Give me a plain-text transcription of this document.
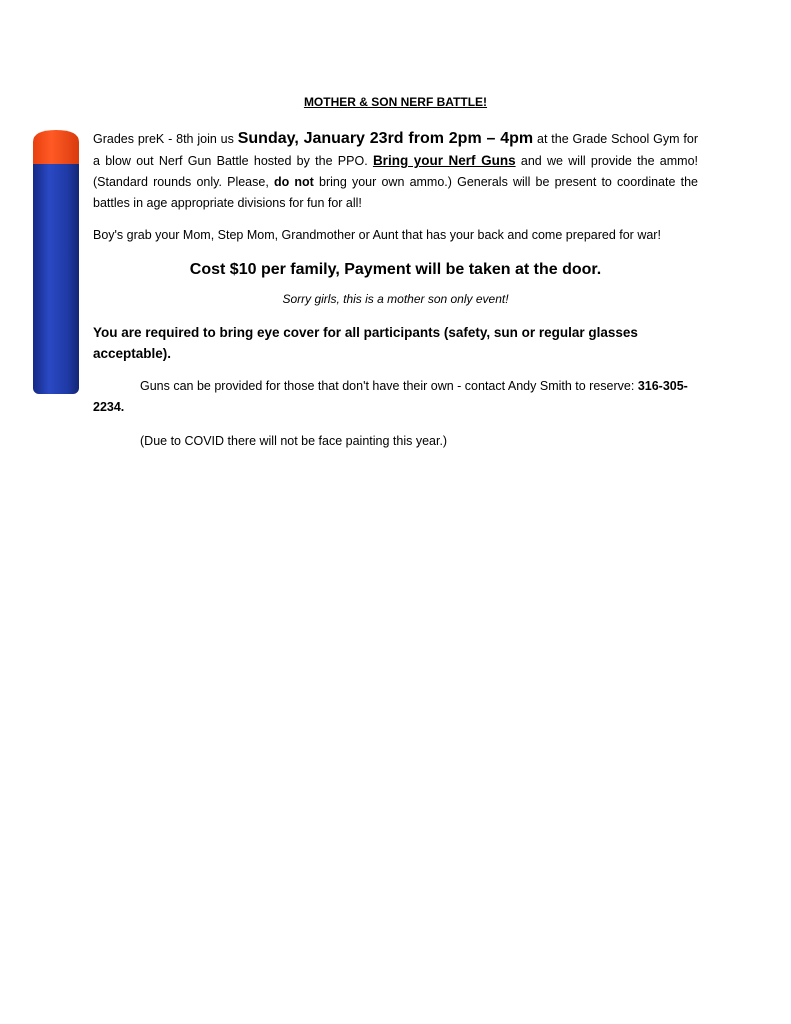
MOTHER & SON NERF BATTLE!

Grades preK - 8th join us Sunday, January 23rd from 2pm – 4pm at the Grade School Gym for a blow out Nerf Gun Battle hosted by the PPO. Bring your Nerf Guns and we will provide the ammo! (Standard rounds only. Please, do not bring your own ammo.) Generals will be present to coordinate the battles in age appropriate divisions for fun for all!

Boy's grab your Mom, Step Mom, Grandmother or Aunt that has your back and come prepared for war!

Cost $10 per family, Payment will be taken at the door.

Sorry girls, this is a mother son only event!

You are required to bring eye cover for all participants (safety, sun or regular glasses acceptable).

Guns can be provided for those that don't have their own - contact Andy Smith to reserve: 316-305-2234.

(Due to COVID there will not be face painting this year.)
